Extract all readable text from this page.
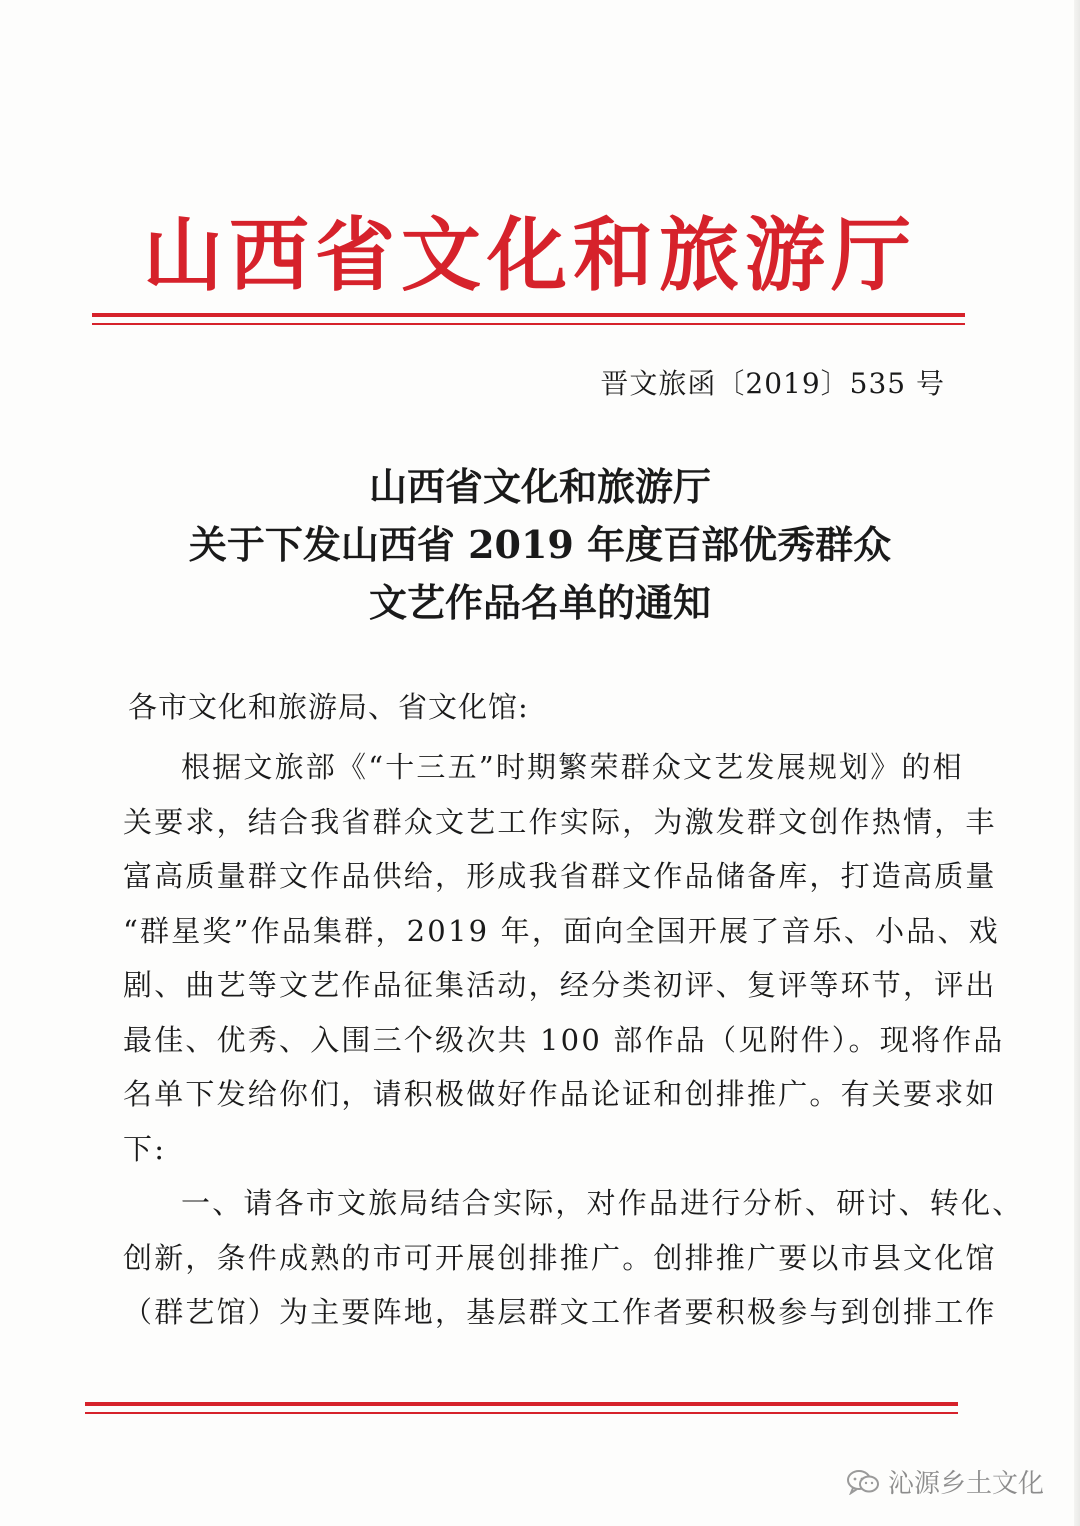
山西省文化和旅游厅
晋文旅函〔2019〕535 号
山西省文化和旅游厅
关于下发山西省 2019 年度百部优秀群众
文艺作品名单的通知
各市文化和旅游局、省文化馆:
根据文旅部《“十三五”时期繁荣群众文艺发展规划》的相
关要求，结合我省群众文艺工作实际，为激发群文创作热情，丰
富高质量群文作品供给，形成我省群文作品储备库，打造高质量
“群星奖”作品集群，2019 年，面向全国开展了音乐、小品、戏
剧、曲艺等文艺作品征集活动，经分类初评、复评等环节，评出
最佳、优秀、入围三个级次共 100 部作品（见附件）。现将作品
名单下发给你们，请积极做好作品论证和创排推广。有关要求如
下:
一、请各市文旅局结合实际，对作品进行分析、研讨、转化、
创新，条件成熟的市可开展创排推广。创排推广要以市县文化馆
（群艺馆）为主要阵地，基层群文工作者要积极参与到创排工作
沁源乡土文化
